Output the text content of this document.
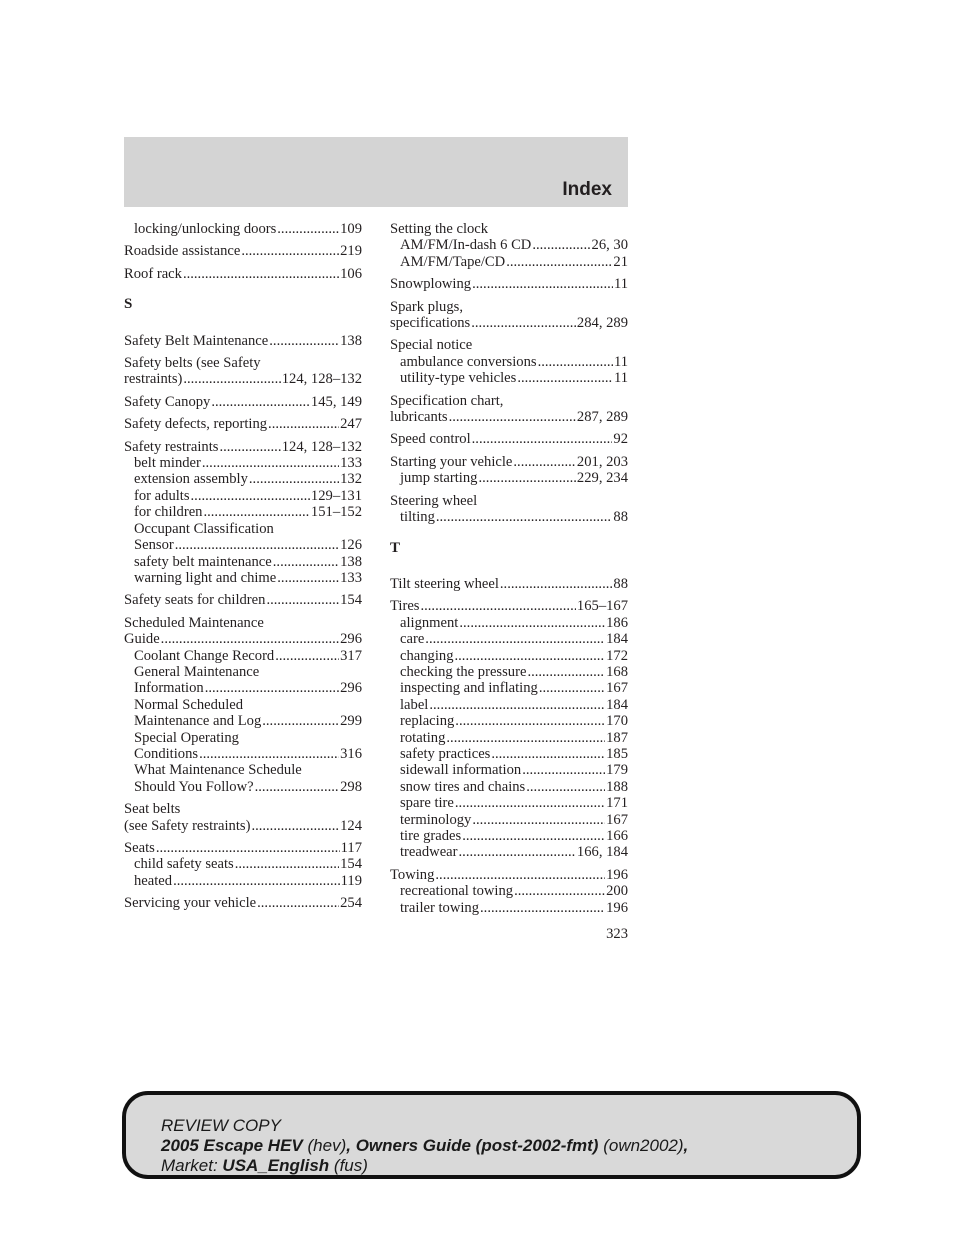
Index
locking/unlocking doors .....	109
Roadside assistance .....	219
Roof rack .....	106
S
Safety Belt Maintenance .....	138
Safety belts (see Safety
restraints) .....	124, 128–132
Safety Canopy .....	145, 149
Safety defects, reporting .....	247
Safety restraints .....	124, 128–132
belt minder .....	133
extension assembly .....	132
for adults .....	129–131
for children .....	151–152
Occupant Classification
Sensor .....	126
safety belt maintenance .....	138
warning light and chime .....	133
Safety seats for children .....	154
Scheduled Maintenance
Guide .....	296
Coolant Change Record .....	317
General Maintenance
Information .....	296
Normal Scheduled
Maintenance and Log .....	299
Special Operating
Conditions .....	316
What Maintenance Schedule
Should You Follow? .....	298
Seat belts
(see Safety restraints) .....	124
Seats .....	117
child safety seats .....	154
heated .....	119
Servicing your vehicle .....	254
Setting the clock
AM/FM/In-dash 6 CD .....	26, 30
AM/FM/Tape/CD .....	21
Snowplowing .....	11
Spark plugs,
specifications .....	284, 289
Special notice
ambulance conversions .....	11
utility-type vehicles .....	11
Specification chart,
lubricants .....	287, 289
Speed control .....	92
Starting your vehicle .....	201, 203
jump starting .....	229, 234
Steering wheel
tilting .....	88
T
Tilt steering wheel .....	88
Tires .....	165–167
alignment .....	186
care .....	184
changing .....	172
checking the pressure .....	168
inspecting and inflating .....	167
label .....	184
replacing .....	170
rotating .....	187
safety practices .....	185
sidewall information .....	179
snow tires and chains .....	188
spare tire .....	171
terminology .....	167
tire grades .....	166
treadwear .....	166, 184
Towing .....	196
recreational towing .....	200
trailer towing .....	196
323
REVIEW COPY
2005 Escape HEV (hev), Owners Guide (post-2002-fmt) (own2002),
Market: USA_English (fus)
